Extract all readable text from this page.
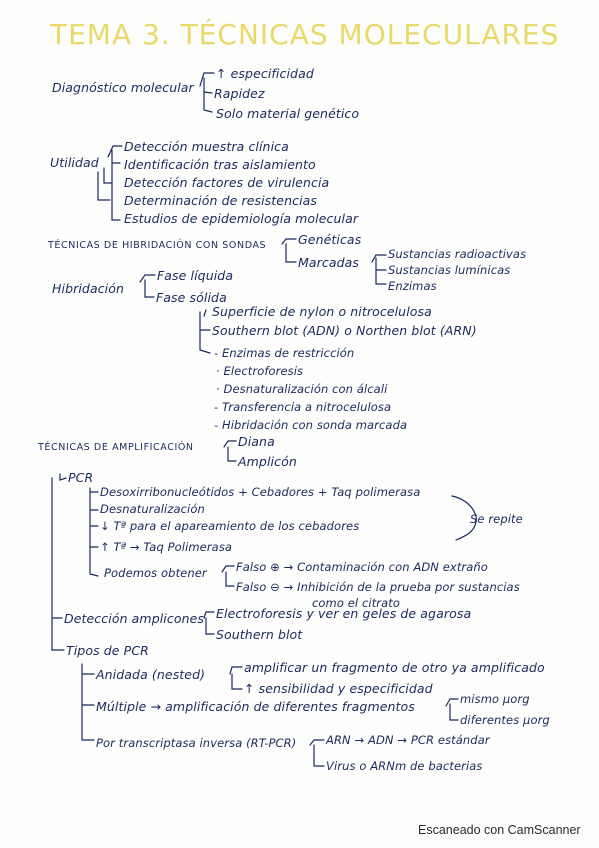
TEMA 3. TÉCNICAS MOLECULARES
Diagnóstico molecular
↑ especificidad
Rapidez
Solo material genético
Utilidad
Detección muestra clínica
Identificación tras aislamiento
Detección factores de virulencia
Determinación de resistencias
Estudios de epidemiología molecular
TÉCNICAS DE HIBRIDACIÓN CON SONDAS	Genéticas
Marcadas
Sustancias radioactivas
Sustancias lumínicas
Enzimas
Hibridación
Fase líquida
Fase sólida
Superficie de nylon o nitrocelulosa
Southern blot (ADN) o Northen blot (ARN)
- Enzimas de restricción
· Electroforesis
· Desnaturalización con álcali
- Transferencia a nitrocelulosa
- Hibridación con sonda marcada
TÉCNICAS DE AMPLIFICACIÓN	Diana
Amplicón
PCR
Desoxirribonucleótidos + Cebadores + Taq polimerasa
Desnaturalización
↓ Tª para el apareamiento de los cebadores
↑ Tª → Taq Polimerasa
Se repite
Podemos obtener	Falso ⊕ → Contaminación con ADN extraño
Falso ⊖ → Inhibición de la prueba por sustancias
como el citrato
Detección amplicones Electroforesis y ver en geles de agarosa
Southern blot
Tipos de PCR
Anidada (nested)	amplificar un fragmento de otro ya amplificado
↑ sensibilidad y especificidad
Múltiple → amplificación de diferentes fragmentos	mismo µorg
diferentes µorg
Por transcriptasa inversa (RT-PCR)	ARN → ADN → PCR estándar
Virus o ARNm de bacterias
Escaneado con CamScanner
